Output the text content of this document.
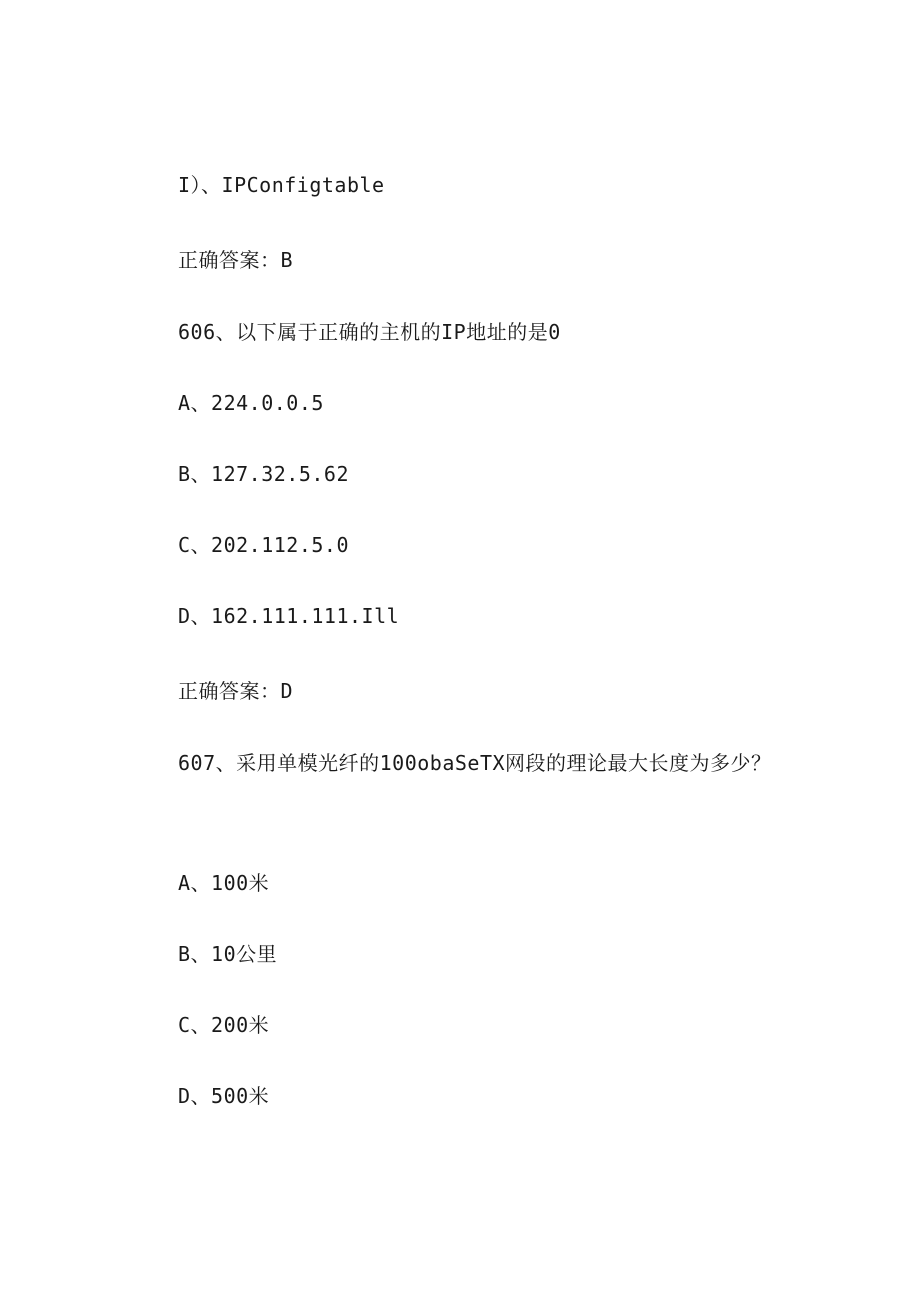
I）、IPConfigtable
正确答案：B
606、以下属于正确的主机的IP地址的是0
A、224.0.0.5
B、127.32.5.62
C、202.112.5.0
D、162.111.111.Ill
正确答案：D
607、采用单模光纤的100obaSeTX网段的理论最大长度为多少？
A、100米
B、10公里
C、200米
D、500米
